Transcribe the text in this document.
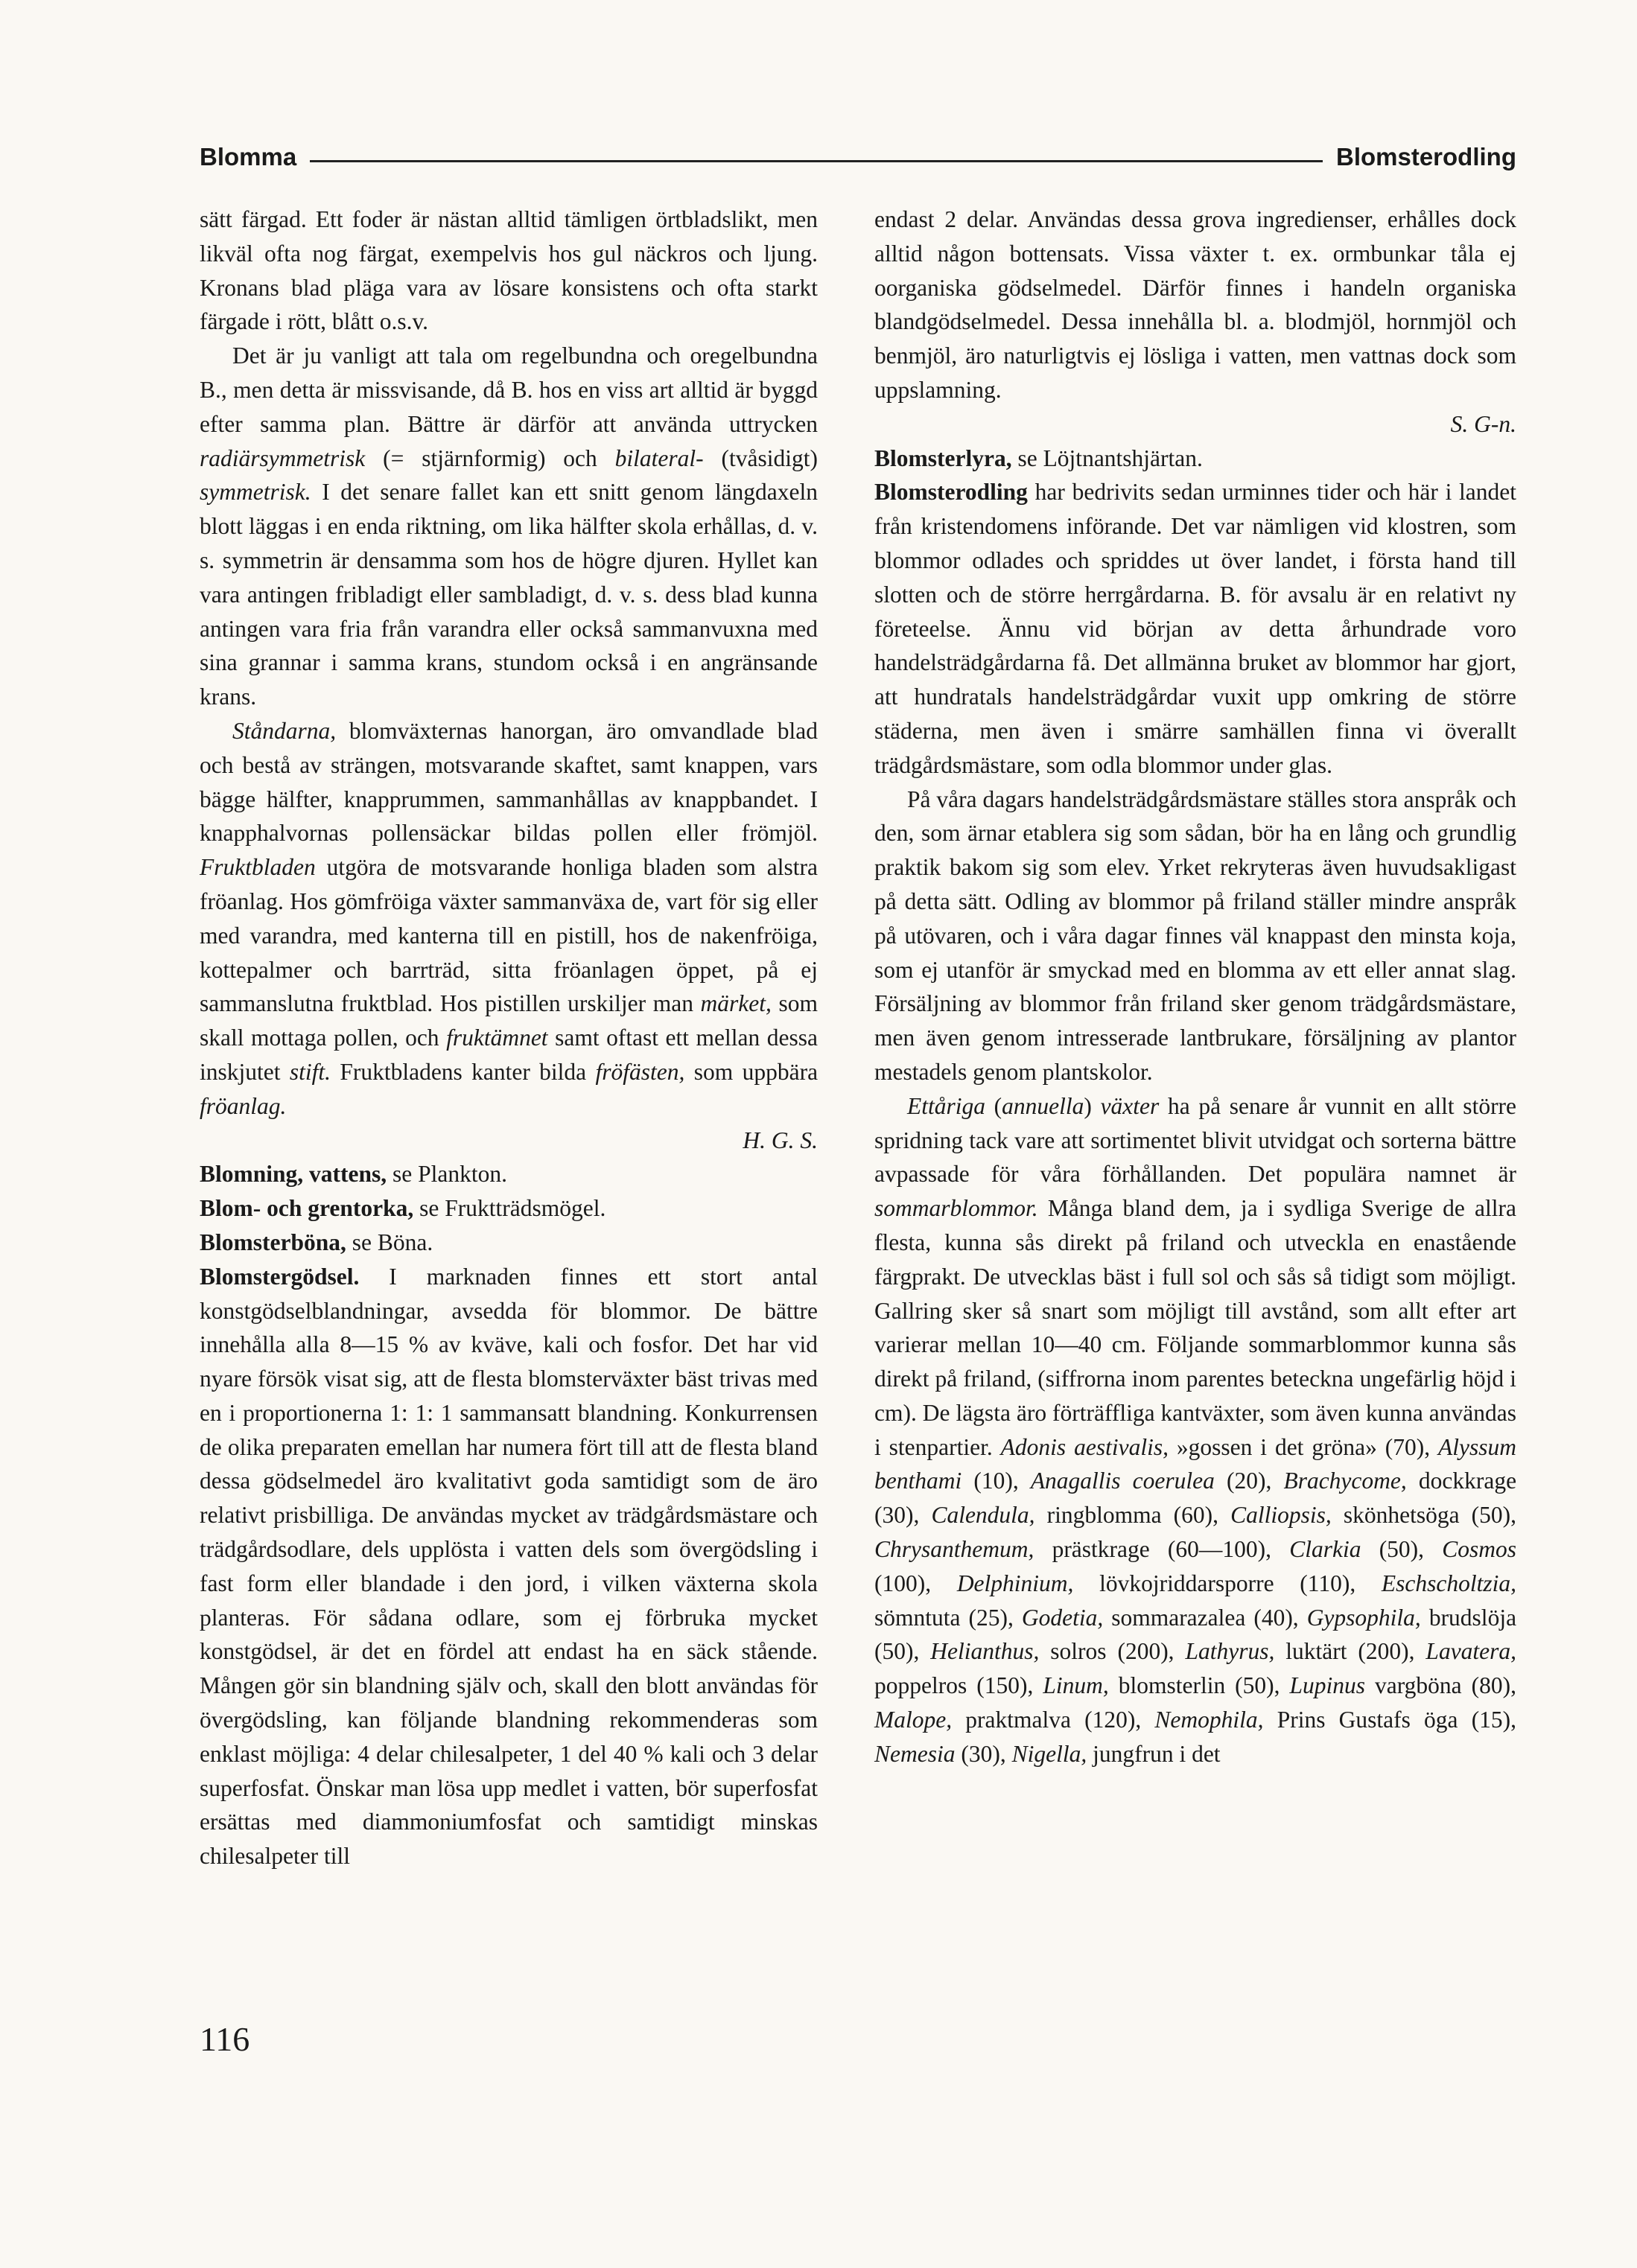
Blomma	Blomsterodling

sätt färgad. Ett foder är nästan alltid tämligen örtbladslikt, men likväl ofta nog färgat, exempelvis hos gul näckros och ljung. Kronans blad pläga vara av lösare konsistens och ofta starkt färgade i rött, blått o.s.v.

Det är ju vanligt att tala om regelbundna och oregelbundna B., men detta är missvisande, då B. hos en viss art alltid är byggd efter samma plan. Bättre är därför att använda uttrycken radiärsymmetrisk (= stjärnformig) och bilateral- (tvåsidigt) symmetrisk. I det senare fallet kan ett snitt genom längdaxeln blott läggas i en enda riktning, om lika hälfter skola erhållas, d. v. s. symmetrin är densamma som hos de högre djuren. Hyllet kan vara antingen fribladigt eller sambladigt, d. v. s. dess blad kunna antingen vara fria från varandra eller också sammanvuxna med sina grannar i samma krans, stundom också i en angränsande krans.

Ståndarna, blomväxternas hanorgan, äro omvandlade blad och bestå av strängen, motsvarande skaftet, samt knappen, vars bägge hälfter, knapprummen, sammanhållas av knappbandet. I knapphalvornas pollensäckar bildas pollen eller frömjöl. Fruktbladen utgöra de motsvarande honliga bladen som alstra fröanlag. Hos gömfröiga växter sammanväxa de, vart för sig eller med varandra, med kanterna till en pistill, hos de nakenfröiga, kottepalmer och barrträd, sitta fröanlagen öppet, på ej sammanslutna fruktblad. Hos pistillen urskiljer man märket, som skall mottaga pollen, och fruktämnet samt oftast ett mellan dessa inskjutet stift. Fruktbladens kanter bilda fröfästen, som uppbära fröanlag.

H. G. S.

Blomning, vattens, se Plankton.

Blom- och grentorka, se Fruktträdsmögel.

Blomsterböna, se Böna.

Blomstergödsel. I marknaden finnes ett stort antal konstgödselblandningar, avsedda för blommor. De bättre innehålla alla 8—15 % av kväve, kali och fosfor. Det har vid nyare försök visat sig, att de flesta blomsterväxter bäst trivas med en i proportionerna 1: 1: 1 sammansatt blandning. Konkurrensen de olika preparaten emellan har numera fört till att de flesta bland dessa gödselmedel äro kvalitativt goda samtidigt som de äro relativt prisbilliga. De användas mycket av trädgårdsmästare och trädgårdsodlare, dels upplösta i vatten dels som övergödsling i fast form eller blandade i den jord, i vilken växterna skola planteras. För sådana odlare, som ej förbruka mycket konstgödsel, är det en fördel att endast ha en säck stående. Mången gör sin blandning själv och, skall den blott användas för övergödsling, kan följande blandning rekommenderas som enklast möjliga: 4 delar chilesalpeter, 1 del 40 % kali och 3 delar superfosfat. Önskar man lösa upp medlet i vatten, bör superfosfat ersättas med diammoniumfosfat och samtidigt minskas chilesalpeter till

endast 2 delar. Användas dessa grova ingredienser, erhålles dock alltid någon bottensats. Vissa växter t. ex. ormbunkar tåla ej oorganiska gödselmedel. Därför finnes i handeln organiska blandgödselmedel. Dessa innehålla bl. a. blodmjöl, hornmjöl och benmjöl, äro naturligtvis ej lösliga i vatten, men vattnas dock som uppslamning.

S. G-n.

Blomsterlyra, se Löjtnantshjärtan.

Blomsterodling har bedrivits sedan urminnes tider och här i landet från kristendomens införande. Det var nämligen vid klostren, som blommor odlades och spriddes ut över landet, i första hand till slotten och de större herrgårdarna. B. för avsalu är en relativt ny företeelse. Ännu vid början av detta århundrade voro handelsträdgårdarna få. Det allmänna bruket av blommor har gjort, att hundratals handelsträdgårdar vuxit upp omkring de större städerna, men även i smärre samhällen finna vi överallt trädgårdsmästare, som odla blommor under glas.

På våra dagars handelsträdgårdsmästare ställes stora anspråk och den, som ärnar etablera sig som sådan, bör ha en lång och grundlig praktik bakom sig som elev. Yrket rekryteras även huvudsakligast på detta sätt. Odling av blommor på friland ställer mindre anspråk på utövaren, och i våra dagar finnes väl knappast den minsta koja, som ej utanför är smyckad med en blomma av ett eller annat slag. Försäljning av blommor från friland sker genom trädgårdsmästare, men även genom intresserade lantbrukare, försäljning av plantor mestadels genom plantskolor.

Ettåriga (annuella) växter ha på senare år vunnit en allt större spridning tack vare att sortimentet blivit utvidgat och sorterna bättre avpassade för våra förhållanden. Det populära namnet är sommarblommor. Många bland dem, ja i sydliga Sverige de allra flesta, kunna sås direkt på friland och utveckla en enastående färgprakt. De utvecklas bäst i full sol och sås så tidigt som möjligt. Gallring sker så snart som möjligt till avstånd, som allt efter art varierar mellan 10—40 cm. Följande sommarblommor kunna sås direkt på friland, (siffrorna inom parentes beteckna ungefärlig höjd i cm). De lägsta äro förträffliga kantväxter, som även kunna användas i stenpartier. Adonis aestivalis, »gossen i det gröna» (70), Alyssum benthami (10), Anagallis coerulea (20), Brachycome, dockkrage (30), Calendula, ringblomma (60), Calliopsis, skönhetsöga (50), Chrysanthemum, prästkrage (60—100), Clarkia (50), Cosmos (100), Delphinium, lövkojriddarsporre (110), Eschscholtzia, sömntuta (25), Godetia, sommarazalea (40), Gypsophila, brudslöja (50), Helianthus, solros (200), Lathyrus, luktärt (200), Lavatera, poppelros (150), Linum, blomsterlin (50), Lupinus vargböna (80), Malope, praktmalva (120), Nemophila, Prins Gustafs öga (15), Nemesia (30), Nigella, jungfrun i det

116
